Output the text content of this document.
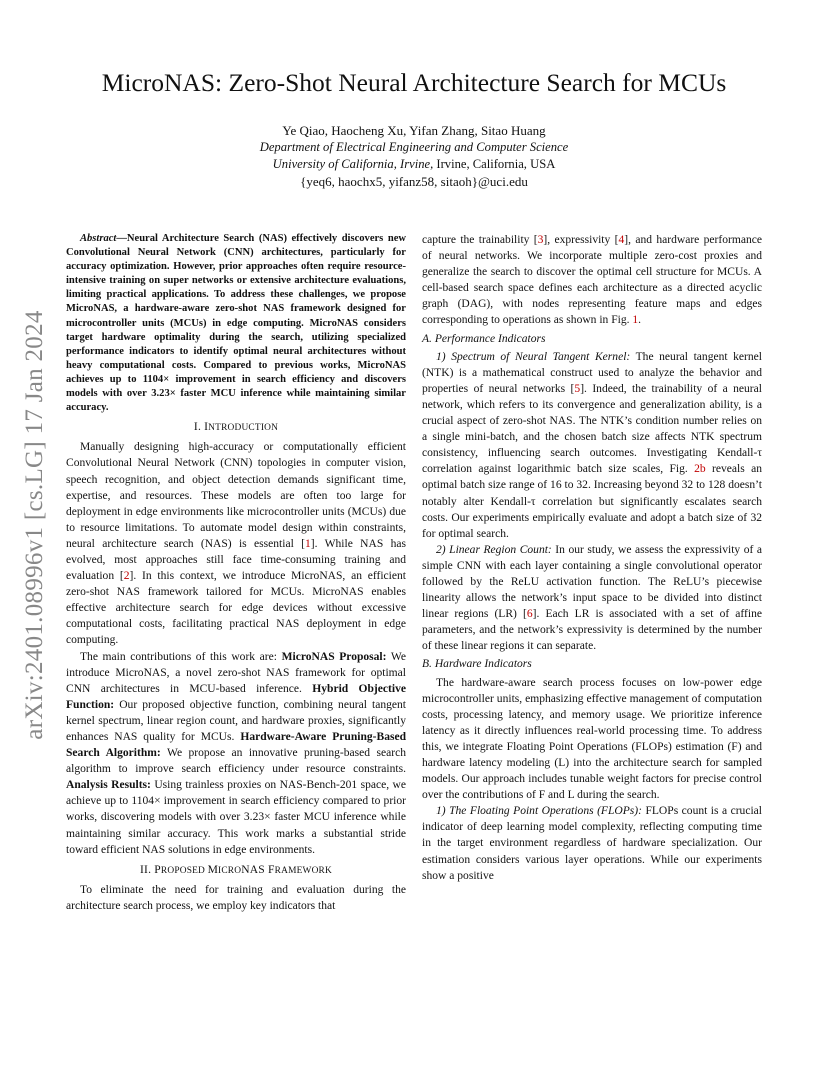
arXiv:2401.08996v1 [cs.LG] 17 Jan 2024
MicroNAS: Zero-Shot Neural Architecture Search for MCUs
Ye Qiao, Haocheng Xu, Yifan Zhang, Sitao Huang
Department of Electrical Engineering and Computer Science
University of California, Irvine, Irvine, California, USA
{yeq6, haochx5, yifanz58, sitaoh}@uci.edu

Abstract—Neural Architecture Search (NAS) effectively discovers new Convolutional Neural Network (CNN) architectures, particularly for accuracy optimization. However, prior approaches often require resource-intensive training on super networks or extensive architecture evaluations, limiting practical applications. To address these challenges, we propose MicroNAS, a hardware-aware zero-shot NAS framework designed for microcontroller units (MCUs) in edge computing. MicroNAS considers target hardware optimality during the search, utilizing specialized performance indicators to identify optimal neural architectures without heavy computational costs. Compared to previous works, MicroNAS achieves up to 1104× improvement in search efficiency and discovers models with over 3.23× faster MCU inference while maintaining similar accuracy.

I. INTRODUCTION

Manually designing high-accuracy or computationally efficient Convolutional Neural Network (CNN) topologies in computer vision, speech recognition, and object detection demands significant time, expertise, and resources. These models are often too large for deployment in edge environments like microcontroller units (MCUs) due to resource limitations. To automate model design within constraints, neural architecture search (NAS) is essential [1]. While NAS has evolved, most approaches still face time-consuming training and evaluation [2]. In this context, we introduce MicroNAS, an efficient zero-shot NAS framework tailored for MCUs. MicroNAS enables effective architecture search for edge devices without excessive computational costs, facilitating practical NAS deployment in edge computing.

The main contributions of this work are: MicroNAS Proposal: We introduce MicroNAS, a novel zero-shot NAS framework for optimal CNN architectures in MCU-based inference. Hybrid Objective Function: Our proposed objective function, combining neural tangent kernel spectrum, linear region count, and hardware proxies, significantly enhances NAS quality for MCUs. Hardware-Aware Pruning-Based Search Algorithm: We propose an innovative pruning-based search algorithm to improve search efficiency under resource constraints. Analysis Results: Using trainless proxies on NAS-Bench-201 space, we achieve up to 1104× improvement in search efficiency compared to prior works, discovering models with over 3.23× faster MCU inference while maintaining similar accuracy. This work marks a substantial stride toward efficient NAS solutions in edge environments.

II. PROPOSED MICRONAS FRAMEWORK

To eliminate the need for training and evaluation during the architecture search process, we employ key indicators that

capture the trainability [3], expressivity [4], and hardware performance of neural networks. We incorporate multiple zero-cost proxies and generalize the search to discover the optimal cell structure for MCUs. A cell-based search space defines each architecture as a directed acyclic graph (DAG), with nodes representing feature maps and edges corresponding to operations as shown in Fig. 1.

A. Performance Indicators

1) Spectrum of Neural Tangent Kernel: The neural tangent kernel (NTK) is a mathematical construct used to analyze the behavior and properties of neural networks [5]. Indeed, the trainability of a neural network, which refers to its convergence and generalization ability, is a crucial aspect of zero-shot NAS. The NTK’s condition number relies on a single mini-batch, and the chosen batch size affects NTK spectrum consistency, influencing search outcomes. Investigating Kendall-τ correlation against logarithmic batch size scales, Fig. 2b reveals an optimal batch size range of 16 to 32. Increasing beyond 32 to 128 doesn’t notably alter Kendall-τ correlation but significantly escalates search costs. Our experiments empirically evaluate and adopt a batch size of 32 for optimal search.

2) Linear Region Count: In our study, we assess the expressivity of a simple CNN with each layer containing a single convolutional operator followed by the ReLU activation function. The ReLU’s piecewise linearity allows the network’s input space to be divided into distinct linear regions (LR) [6]. Each LR is associated with a set of affine parameters, and the network’s expressivity is determined by the number of these linear regions it can separate.

B. Hardware Indicators

The hardware-aware search process focuses on low-power edge microcontroller units, emphasizing effective management of computation costs, processing latency, and memory usage. We prioritize inference latency as it directly influences real-world processing time. To address this, we integrate Floating Point Operations (FLOPs) estimation (F) and hardware latency modeling (L) into the architecture search for sampled models. Our approach includes tunable weight factors for precise control over the contributions of F and L during the search.

1) The Floating Point Operations (FLOPs): FLOPs count is a crucial indicator of deep learning model complexity, reflecting computing time in the target environment regardless of hardware specialization. Our estimation considers various layer operations. While our experiments show a positive
